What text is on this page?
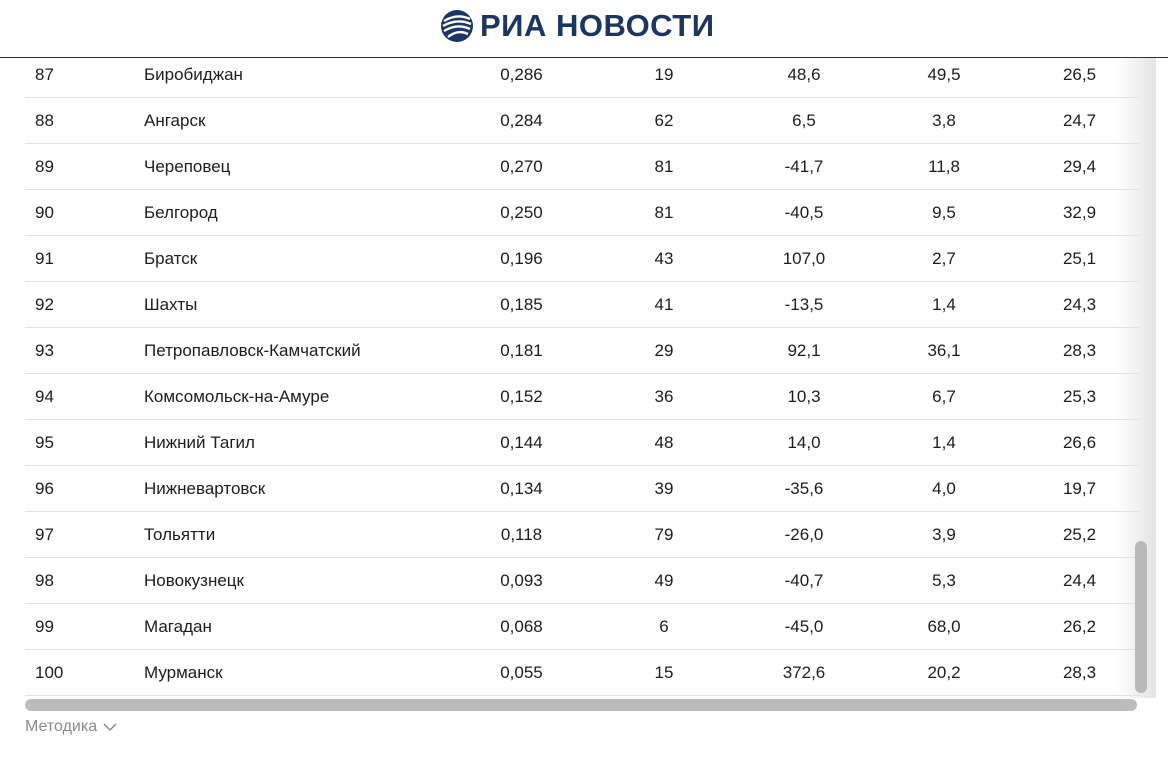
РИА НОВОСТИ
87	Биробиджан	0,286	19	48,6	49,5	26,5
88	Ангарск	0,284	62	6,5	3,8	24,7
89	Череповец	0,270	81	-41,7	11,8	29,4
90	Белгород	0,250	81	-40,5	9,5	32,9
91	Братск	0,196	43	107,0	2,7	25,1
92	Шахты	0,185	41	-13,5	1,4	24,3
93	Петропавловск-Камчатский	0,181	29	92,1	36,1	28,3
94	Комсомольск-на-Амуре	0,152	36	10,3	6,7	25,3
95	Нижний Тагил	0,144	48	14,0	1,4	26,6
96	Нижневартовск	0,134	39	-35,6	4,0	19,7
97	Тольятти	0,118	79	-26,0	3,9	25,2
98	Новокузнецк	0,093	49	-40,7	5,3	24,4
99	Магадан	0,068	6	-45,0	68,0	26,2
100	Мурманск	0,055	15	372,6	20,2	28,3
Методика
